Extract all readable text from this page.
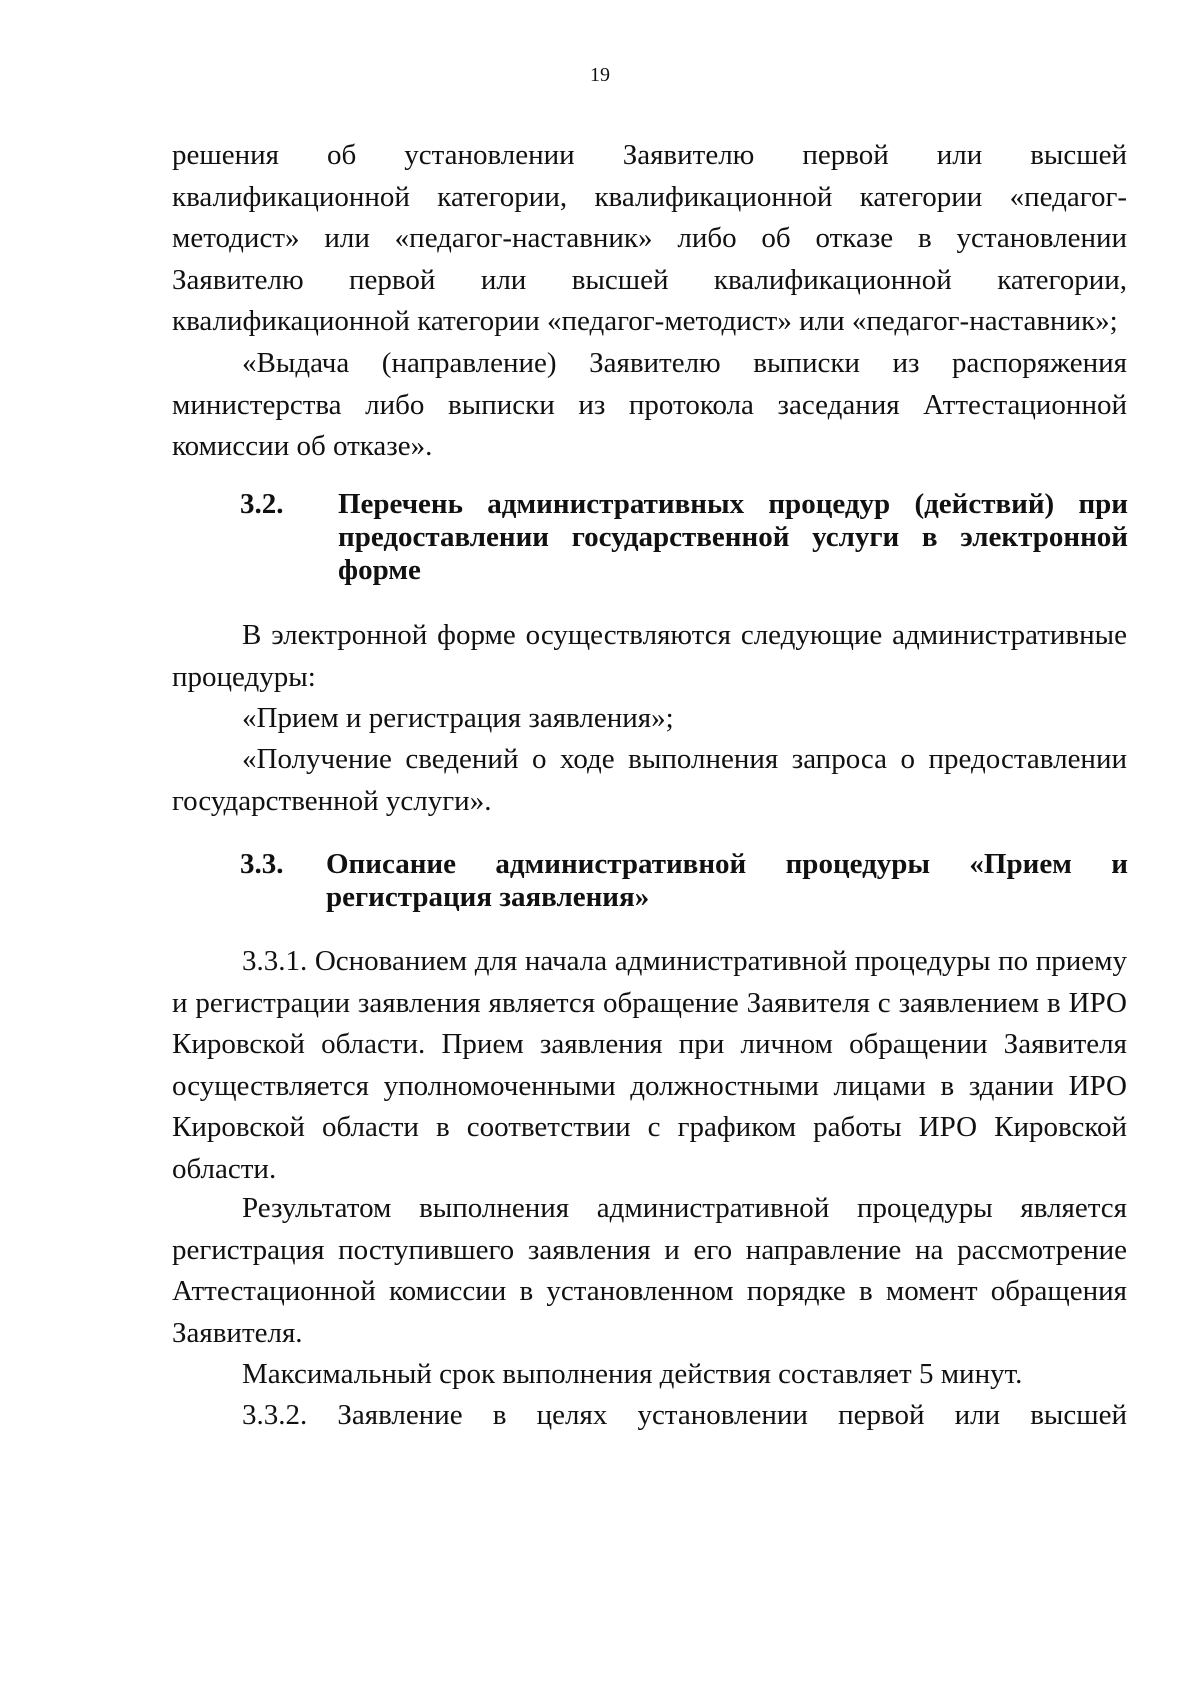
19
решения об установлении Заявителю первой или высшей квалификационной категории, квалификационной категории «педагог-методист» или «педагог-наставник» либо об отказе в установлении Заявителю первой или высшей квалификационной категории, квалификационной категории «педагог-методист» или «педагог-наставник»;
«Выдача (направление) Заявителю выписки из распоряжения министерства либо выписки из протокола заседания Аттестационной комиссии об отказе».
3.2. Перечень административных процедур (действий) при предоставлении государственной услуги в электронной форме
В электронной форме осуществляются следующие административные процедуры:
«Прием и регистрация заявления»;
«Получение сведений о ходе выполнения запроса о предоставлении государственной услуги».
3.3. Описание административной процедуры «Прием и регистрация заявления»
3.3.1. Основанием для начала административной процедуры по приему и регистрации заявления является обращение Заявителя с заявлением в ИРО Кировской области. Прием заявления при личном обращении Заявителя осуществляется уполномоченными должностными лицами в здании ИРО Кировской области в соответствии с графиком работы ИРО Кировской области.
Результатом выполнения административной процедуры является регистрация поступившего заявления и его направление на рассмотрение Аттестационной комиссии в установленном порядке в момент обращения Заявителя.
Максимальный срок выполнения действия составляет 5 минут.
3.3.2. Заявление в целях установлении первой или высшей
